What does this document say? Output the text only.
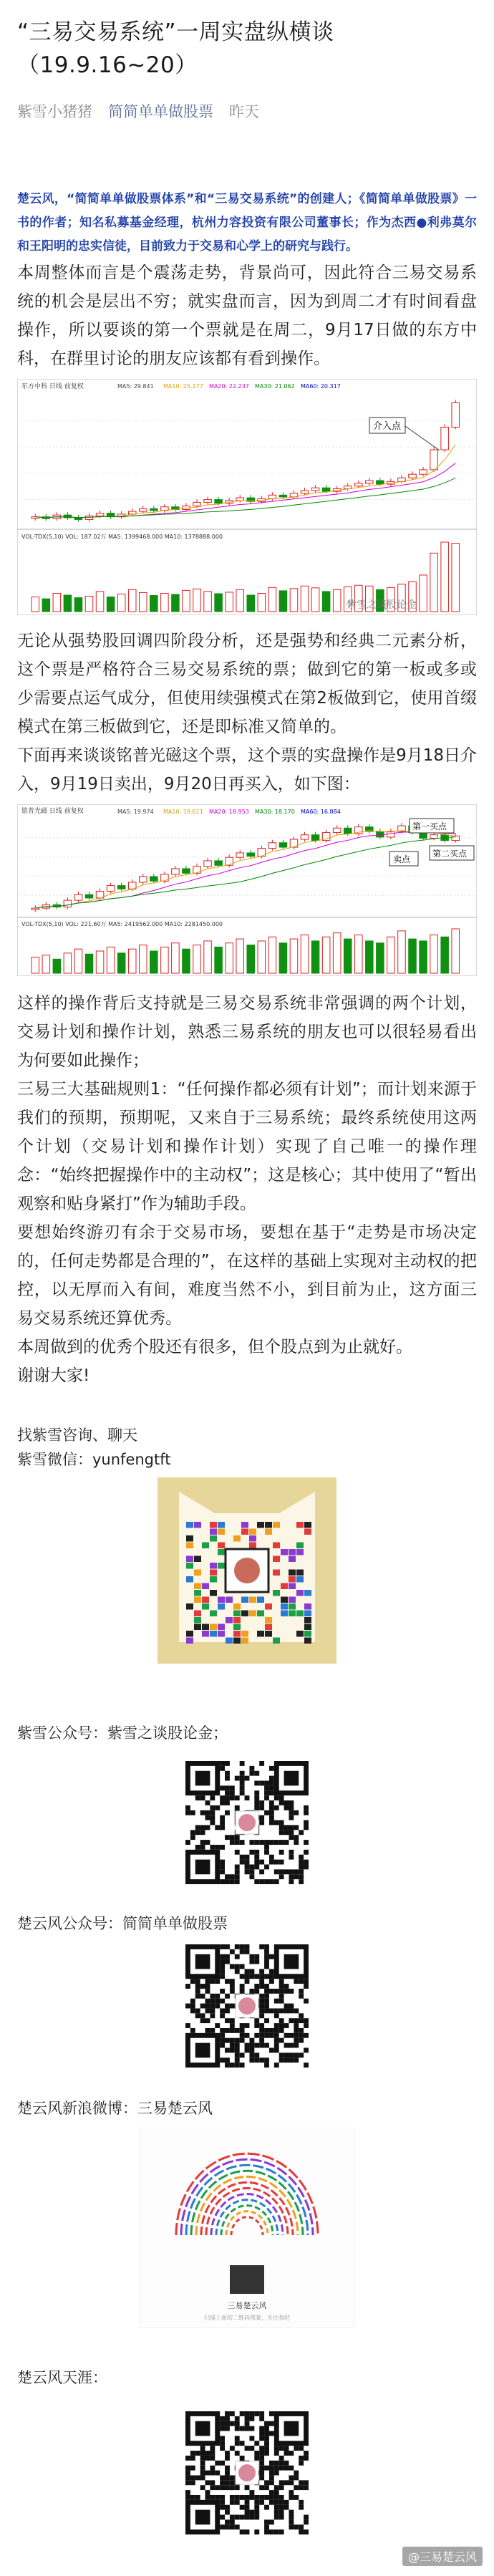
“三易交易系统”一周实盘纵横谈（19.9.16~20）
紫雪小猪猪 简简单单做股票 昨天

楚云风，“简简单单做股票体系”和“三易交易系统”的创建人；《简简单单做股票》一书的作者；知名私募基金经理，杭州力容投资有限公司董事长；作为杰西●利弗莫尔和王阳明的忠实信徒，目前致力于交易和心学上的研究与践行。

本周整体而言是个震荡走势，背景尚可，因此符合三易交易系统的机会是层出不穷；就实盘而言，因为到周二才有时间看盘操作，所以要谈的第一个票就是在周二，9月17日做的东方中科，在群里讨论的朋友应该都有看到操作。

东方中科 日线 前复权	MA5: 29.841 MA10: 25.177 MA20: 22.237 MA30: 21.062 MA60: 20.317
VOL-TDX(5,10) VOL: 187.02万 MA5: 1399468.000 MA10: 1378888.000
介入点
紫雪之谈股论金

无论从强势股回调四阶段分析，还是强势和经典二元素分析，这个票是严格符合三易交易系统的票；做到它的第一板或多或少需要点运气成分，但使用续强模式在第2板做到它，使用首缀模式在第三板做到它，还是即标准又简单的。

下面再来谈谈铭普光磁这个票，这个票的实盘操作是9月18日介入，9月19日卖出，9月20日再买入，如下图：

铭普光磁 日线 前复权	MA5: 19.974 MA10: 19.611 MA20: 18.953 MA30: 18.170 MA60: 16.884
VOL-TDX(5,10) VOL: 221.60万 MA5: 2419562.000 MA10: 2281450.000
第一买点
卖点
第二买点

这样的操作背后支持就是三易交易系统非常强调的两个计划，交易计划和操作计划，熟悉三易系统的朋友也可以很轻易看出为何要如此操作；

三易三大基础规则1：“任何操作都必须有计划”；而计划来源于我们的预期，预期呢，又来自于三易系统；最终系统使用这两个计划（交易计划和操作计划）实现了自己唯一的操作理念：“始终把握操作中的主动权”；这是核心；其中使用了“暂出观察和贴身紧打”作为辅助手段。

要想始终游刃有余于交易市场，要想在基于“走势是市场决定的，任何走势都是合理的”，在这样的基础上实现对主动权的把控，以无厚而入有间，难度当然不小，到目前为止，这方面三易交易系统还算优秀。

本周做到的优秀个股还有很多，但个股点到为止就好。

谢谢大家!

找紫雪咨询、聊天

紫雪微信：yunfengtft

紫雪公众号：紫雪之谈股论金；

楚云风公众号：简简单单做股票

楚云风新浪微博：三易楚云风

三易楚云风
扫描上面的二维码图案，关注我吧

楚云风天涯：

@三易楚云风
